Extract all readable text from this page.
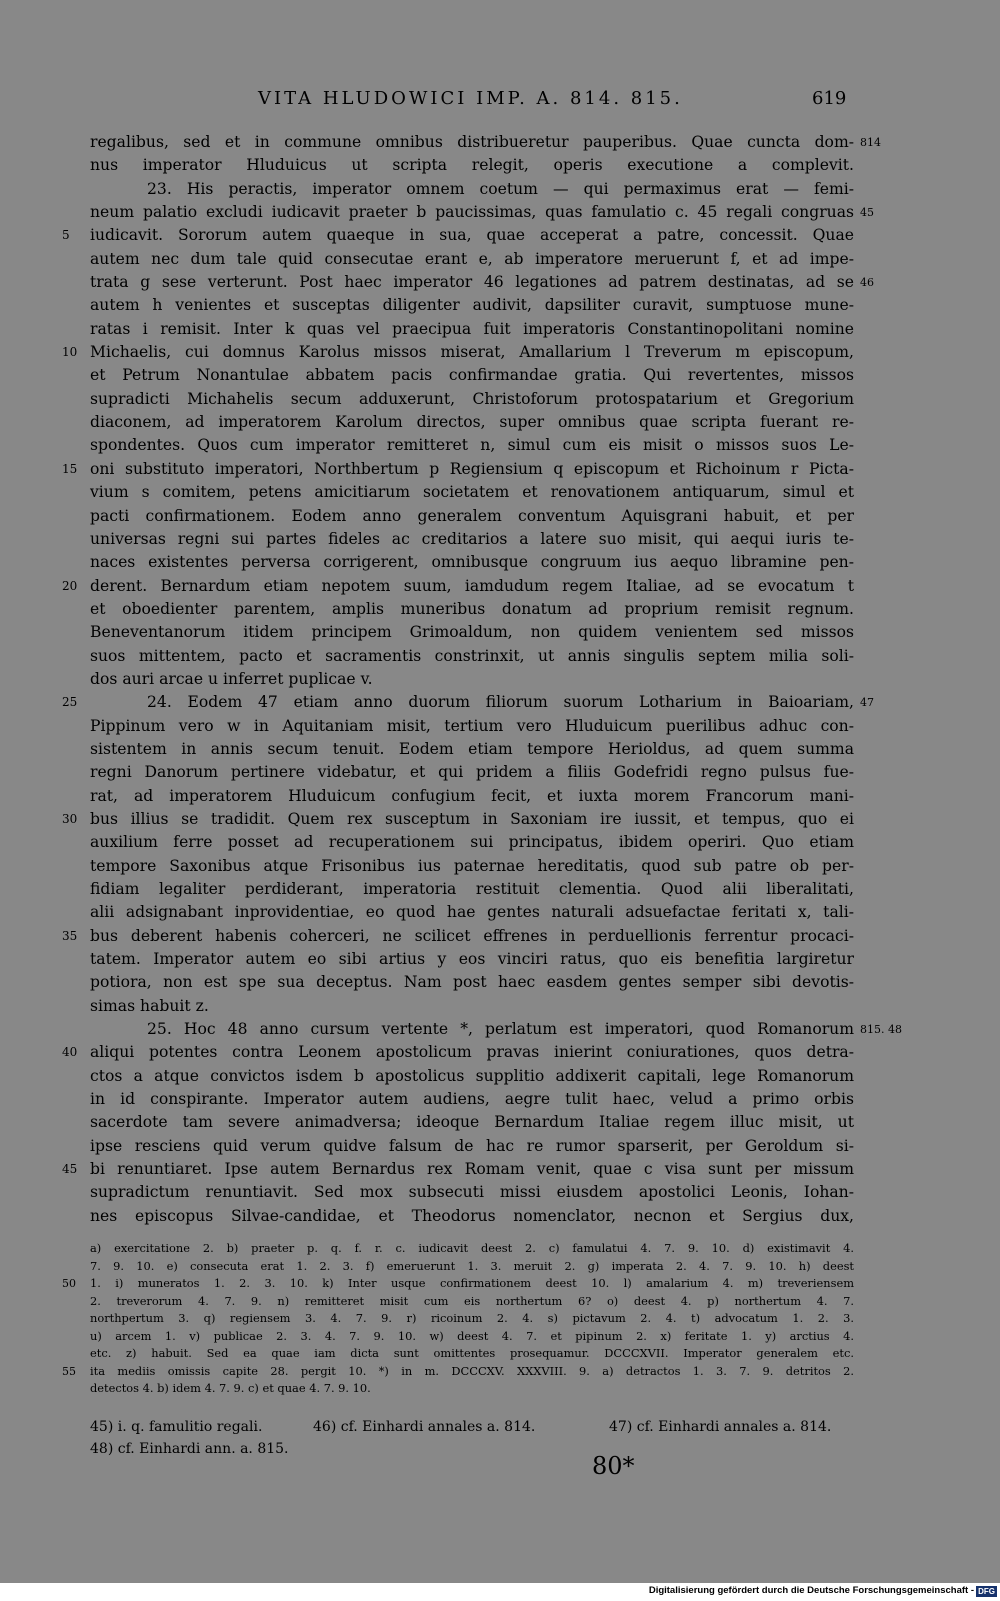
VITA HLUDOWICI IMP. A. 814. 815.	619
regalibus, sed et in commune omnibus distribueretur pauperibus. Quae cuncta dom- 814
nus imperator Hluduicus ut scripta relegit, operis executione a complevit.
23. His peractis, imperator omnem coetum — qui permaximus erat — femi-
neum palatio excludi iudicavit praeter b paucissimas, quas famulatio c. 45 regali congruas 45
5 iudicavit. Sororum autem quaeque in sua, quae acceperat a patre, concessit. Quae
autem nec dum tale quid consecutae erant e, ab imperatore meruerunt f, et ad impe-
trata g sese verterunt. Post haec imperator 46 legationes ad patrem destinatas, ad se 46
autem h venientes et susceptas diligenter audivit, dapsiliter curavit, sumptuose mune-
ratas i remisit. Inter k quas vel praecipua fuit imperatoris Constantinopolitani nomine
10 Michaelis, cui domnus Karolus missos miserat, Amallarium l Treverum m episcopum,
et Petrum Nonantulae abbatem pacis confirmandae gratia. Qui revertentes, missos
supradicti Michahelis secum adduxerunt, Christoforum protospatarium et Gregorium
diaconem, ad imperatorem Karolum directos, super omnibus quae scripta fuerant re-
spondentes. Quos cum imperator remitteret n, simul cum eis misit o missos suos Le-
15 oni substituto imperatori, Northbertum p Regiensium q episcopum et Richoinum r Picta-
vium s comitem, petens amicitiarum societatem et renovationem antiquarum, simul et
pacti confirmationem. Eodem anno generalem conventum Aquisgrani habuit, et per
universas regni sui partes fideles ac creditarios a latere suo misit, qui aequi iuris te-
naces existentes perversa corrigerent, omnibusque congruum ius aequo libramine pen-
20 derent. Bernardum etiam nepotem suum, iamdudum regem Italiae, ad se evocatum t
et oboedienter parentem, amplis muneribus donatum ad proprium remisit regnum.
Beneventanorum itidem principem Grimoaldum, non quidem venientem sed missos
suos mittentem, pacto et sacramentis constrinxit, ut annis singulis septem milia soli-
dos auri arcae u inferret puplicae v.
25	24. Eodem 47 etiam anno duorum filiorum suorum Lotharium in Baioariam, 47
Pippinum vero w in Aquitaniam misit, tertium vero Hluduicum puerilibus adhuc con-
sistentem in annis secum tenuit. Eodem etiam tempore Herioldus, ad quem summa
regni Danorum pertinere videbatur, et qui pridem a filiis Godefridi regno pulsus fue-
rat, ad imperatorem Hluduicum confugium fecit, et iuxta morem Francorum mani-
30 bus illius se tradidit. Quem rex susceptum in Saxoniam ire iussit, et tempus, quo ei
auxilium ferre posset ad recuperationem sui principatus, ibidem operiri. Quo etiam
tempore Saxonibus atque Frisonibus ius paternae hereditatis, quod sub patre ob per-
fidiam legaliter perdiderant, imperatoria restituit clementia. Quod alii liberalitati,
alii adsignabant inprovidentiae, eo quod hae gentes naturali adsuefactae feritati x, tali-
35 bus deberent habenis coherceri, ne scilicet effrenes in perduellionis ferrentur procaci-
tatem. Imperator autem eo sibi artius y eos vinciri ratus, quo eis benefitia largiretur
potiora, non est spe sua deceptus. Nam post haec easdem gentes semper sibi devotis-
simas habuit z.
25. Hoc 48 anno cursum vertente *, perlatum est imperatori, quod Romanorum 815. 48
40 aliqui potentes contra Leonem apostolicum pravas inierint coniurationes, quos detra-
ctos a atque convictos isdem b apostolicus supplitio addixerit capitali, lege Romanorum
in id conspirante. Imperator autem audiens, aegre tulit haec, velud a primo orbis
sacerdote tam severe animadversa; ideoque Bernardum Italiae regem illuc misit, ut
ipse resciens quid verum quidve falsum de hac re rumor sparserit, per Geroldum si-
45 bi renuntiaret. Ipse autem Bernardus rex Romam venit, quae c visa sunt per missum
supradictum renuntiavit. Sed mox subsecuti missi eiusdem apostolici Leonis, Iohan-
nes episcopus Silvae-candidae, et Theodorus nomenclator, necnon et Sergius dux,
a) exercitatione 2. b) praeter p. q. f. r. c. iudicavit deest 2. c) famulatui 4. 7. 9. 10. d) existimavit 4.
7. 9. 10. e) consecuta erat 1. 2. 3. f) emeruerunt 1. 3. meruit 2. g) imperata 2. 4. 7. 9. 10. h) deest
50 1. i) muneratos 1. 2. 3. 10. k) Inter usque confirmationem deest 10. l) amalarium 4. m) treveriensem
2. treverorum 4. 7. 9. n) remitteret misit cum eis northertum 6? o) deest 4. p) northertum 4. 7.
northpertum 3. q) regiensem 3. 4. 7. 9. r) ricoinum 2. 4. s) pictavum 2. 4. t) advocatum 1. 2. 3.
u) arcem 1. v) publicae 2. 3. 4. 7. 9. 10. w) deest 4. 7. et pipinum 2. x) feritate 1. y) arctius 4.
etc. z) habuit. Sed ea quae iam dicta sunt omittentes prosequamur. DCCCXVII. Imperator generalem etc.
55 ita mediis omissis capite 28. pergit 10. *) in m. DCCCXV. XXXVIII. 9. a) detractos 1. 3. 7. 9. detritos 2.
detectos 4. b) idem 4. 7. 9. c) et quae 4. 7. 9. 10.
45) i. q. famulitio regali.	46) cf. Einhardi annales a. 814.	47) cf. Einhardi annales a. 814.
48) cf. Einhardi ann. a. 815.
80*
Digitalisierung gefördert durch die Deutsche Forschungsgemeinschaft - DFG
